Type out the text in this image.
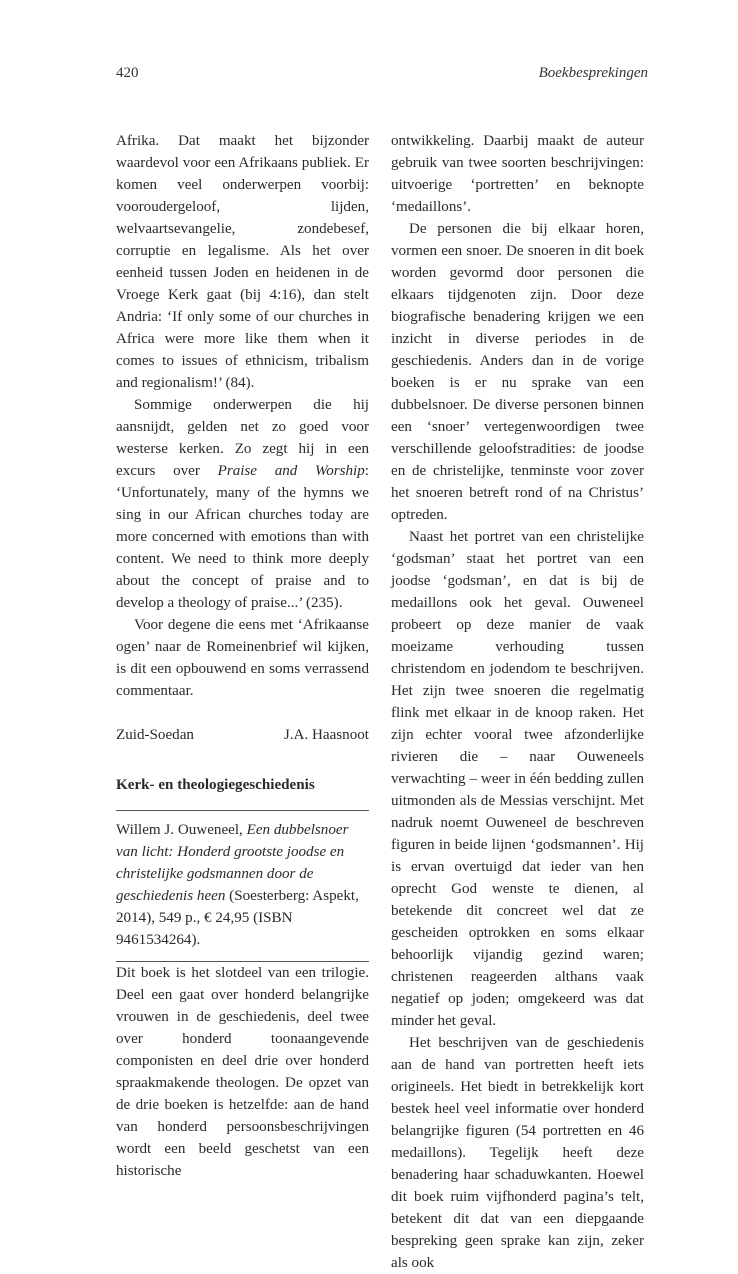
420	Boekbesprekingen

Afrika. Dat maakt het bijzonder waardevol voor een Afrikaans publiek. Er komen veel onderwerpen voorbij: vooroudergeloof, lijden, welvaartsevangelie, zondebesef, corruptie en legalisme. Als het over eenheid tussen Joden en heidenen in de Vroege Kerk gaat (bij 4:16), dan stelt Andria: ‘If only some of our churches in Africa were more like them when it comes to issues of ethnicism, tribalism and regionalism!’ (84).

Sommige onderwerpen die hij aansnijdt, gelden net zo goed voor westerse kerken. Zo zegt hij in een excurs over Praise and Worship: ‘Unfortunately, many of the hymns we sing in our African churches today are more concerned with emotions than with content. We need to think more deeply about the concept of praise and to develop a theology of praise...’ (235).

Voor degene die eens met ‘Afrikaanse ogen’ naar de Romeinenbrief wil kijken, is dit een opbouwend en soms verrassend commentaar.

Zuid-Soedan	J.A. Haasnoot
Kerk- en theologiegeschiedenis

Willem J. Ouweneel, Een dubbelsnoer van licht: Honderd grootste joodse en christelijke godsmannen door de geschiedenis heen (Soesterberg: Aspekt, 2014), 549 p., € 24,95 (ISBN 9461534264).

Dit boek is het slotdeel van een trilogie. Deel een gaat over honderd belangrijke vrouwen in de geschiedenis, deel twee over honderd toonaangevende componisten en deel drie over honderd spraakmakende theologen. De opzet van de drie boeken is hetzelfde: aan de hand van honderd persoonsbeschrijvingen wordt een beeld geschetst van een historische

ontwikkeling. Daarbij maakt de auteur gebruik van twee soorten beschrijvingen: uitvoerige ‘portretten’ en beknopte ‘medaillons’.

De personen die bij elkaar horen, vormen een snoer. De snoeren in dit boek worden gevormd door personen die elkaars tijdgenoten zijn. Door deze biografische benadering krijgen we een inzicht in diverse periodes in de geschiedenis. Anders dan in de vorige boeken is er nu sprake van een dubbelsnoer. De diverse personen binnen een ‘snoer’ vertegenwoordigen twee verschillende geloofstradities: de joodse en de christelijke, tenminste voor zover het snoeren betreft rond of na Christus’ optreden.

Naast het portret van een christelijke ‘godsman’ staat het portret van een joodse ‘godsman’, en dat is bij de medaillons ook het geval. Ouweneel probeert op deze manier de vaak moeizame verhouding tussen christendom en jodendom te beschrijven. Het zijn twee snoeren die regelmatig flink met elkaar in de knoop raken. Het zijn echter vooral twee afzonderlijke rivieren die – naar Ouweneels verwachting – weer in één bedding zullen uitmonden als de Messias verschijnt. Met nadruk noemt Ouweneel de beschreven figuren in beide lijnen ‘godsmannen’. Hij is ervan overtuigd dat ieder van hen oprecht God wenste te dienen, al betekende dit concreet wel dat ze gescheiden optrokken en soms elkaar behoorlijk vijandig gezind waren; christenen reageerden althans vaak negatief op joden; omgekeerd was dat minder het geval.

Het beschrijven van de geschiedenis aan de hand van portretten heeft iets origineels. Het biedt in betrekkelijk kort bestek heel veel informatie over honderd belangrijke figuren (54 portretten en 46 medaillons). Tegelijk heeft deze benadering haar schaduwkanten. Hoewel dit boek ruim vijfhonderd pagina’s telt, betekent dit dat van een diepgaande bespreking geen sprake kan zijn, zeker als ook
